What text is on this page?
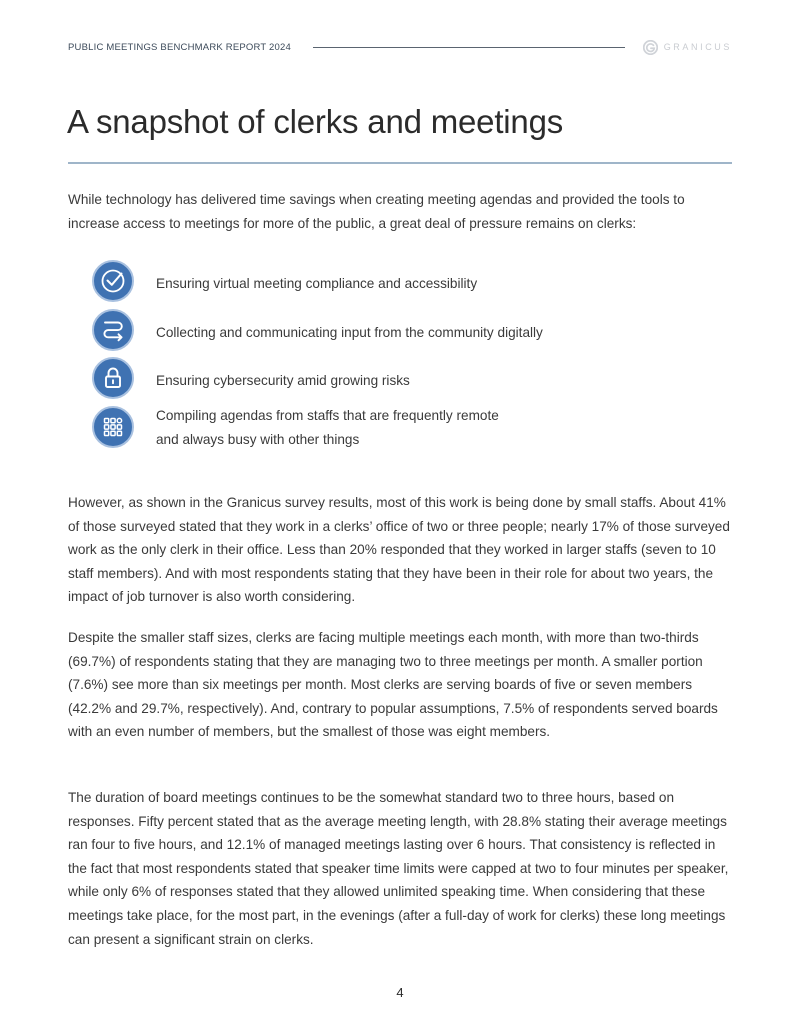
PUBLIC MEETINGS BENCHMARK REPORT 2024	GRANICUS
A snapshot of clerks and meetings

While technology has delivered time savings when creating meeting agendas and provided the tools to increase access to meetings for more of the public, a great deal of pressure remains on clerks:

Ensuring virtual meeting compliance and accessibility
Collecting and communicating input from the community digitally
Ensuring cybersecurity amid growing risks
Compiling agendas from staffs that are frequently remote
and always busy with other things

However, as shown in the Granicus survey results, most of this work is being done by small staffs. About 41% of those surveyed stated that they work in a clerks’ office of two or three people; nearly 17% of those surveyed work as the only clerk in their office. Less than 20% responded that they worked in larger staffs (seven to 10 staff members). And with most respondents stating that they have been in their role for about two years, the impact of job turnover is also worth considering.

Despite the smaller staff sizes, clerks are facing multiple meetings each month, with more than two-thirds (69.7%) of respondents stating that they are managing two to three meetings per month. A smaller portion (7.6%) see more than six meetings per month. Most clerks are serving boards of five or seven members (42.2% and 29.7%, respectively). And, contrary to popular assumptions, 7.5% of respondents served boards with an even number of members, but the smallest of those was eight members.

The duration of board meetings continues to be the somewhat standard two to three hours, based on responses. Fifty percent stated that as the average meeting length, with 28.8% stating their average meetings ran four to five hours, and 12.1% of managed meetings lasting over 6 hours. That consistency is reflected in the fact that most respondents stated that speaker time limits were capped at two to four minutes per speaker, while only 6% of responses stated that they allowed unlimited speaking time. When considering that these meetings take place, for the most part, in the evenings (after a full-day of work for clerks) these long meetings can present a significant strain on clerks.

4
